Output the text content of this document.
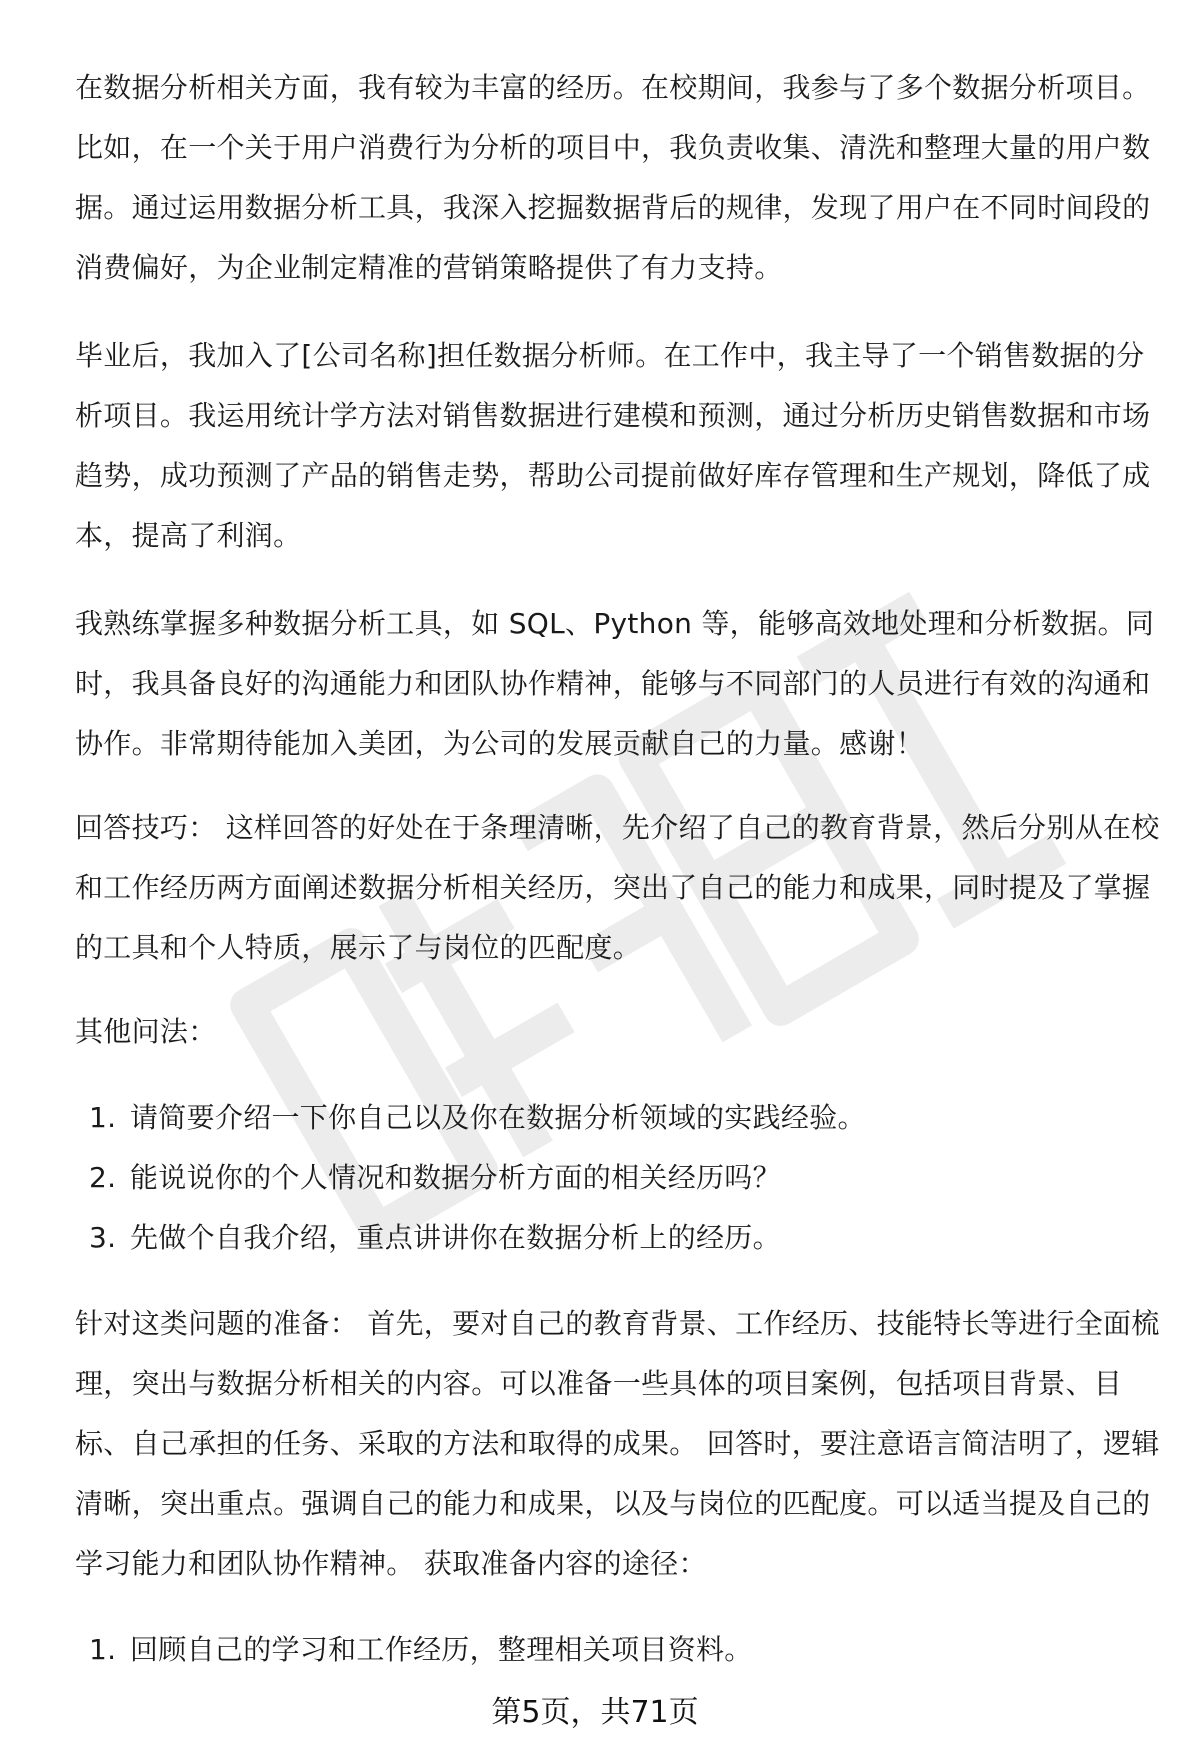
在数据分析相关方面，我有较为丰富的经历。在校期间，我参与了多个数据分析项目。比如，在一个关于用户消费行为分析的项目中，我负责收集、清洗和整理大量的用户数据。通过运用数据分析工具，我深入挖掘数据背后的规律，发现了用户在不同时间段的消费偏好，为企业制定精准的营销策略提供了有力支持。

毕业后，我加入了[公司名称]担任数据分析师。在工作中，我主导了一个销售数据的分析项目。我运用统计学方法对销售数据进行建模和预测，通过分析历史销售数据和市场趋势，成功预测了产品的销售走势，帮助公司提前做好库存管理和生产规划，降低了成本，提高了利润。

我熟练掌握多种数据分析工具，如 SQL、Python 等，能够高效地处理和分析数据。同时，我具备良好的沟通能力和团队协作精神，能够与不同部门的人员进行有效的沟通和协作。非常期待能加入美团，为公司的发展贡献自己的力量。感谢！

回答技巧： 这样回答的好处在于条理清晰，先介绍了自己的教育背景，然后分别从在校和工作经历两方面阐述数据分析相关经历，突出了自己的能力和成果，同时提及了掌握的工具和个人特质，展示了与岗位的匹配度。

其他问法：

1. 请简要介绍一下你自己以及你在数据分析领域的实践经验。
2. 能说说你的个人情况和数据分析方面的相关经历吗？
3. 先做个自我介绍，重点讲讲你在数据分析上的经历。

针对这类问题的准备： 首先，要对自己的教育背景、工作经历、技能特长等进行全面梳理，突出与数据分析相关的内容。可以准备一些具体的项目案例，包括项目背景、目标、自己承担的任务、采取的方法和取得的成果。 回答时，要注意语言简洁明了，逻辑清晰，突出重点。强调自己的能力和成果，以及与岗位的匹配度。可以适当提及自己的学习能力和团队协作精神。 获取准备内容的途径：

1. 回顾自己的学习和工作经历，整理相关项目资料。
第5页，共71页
